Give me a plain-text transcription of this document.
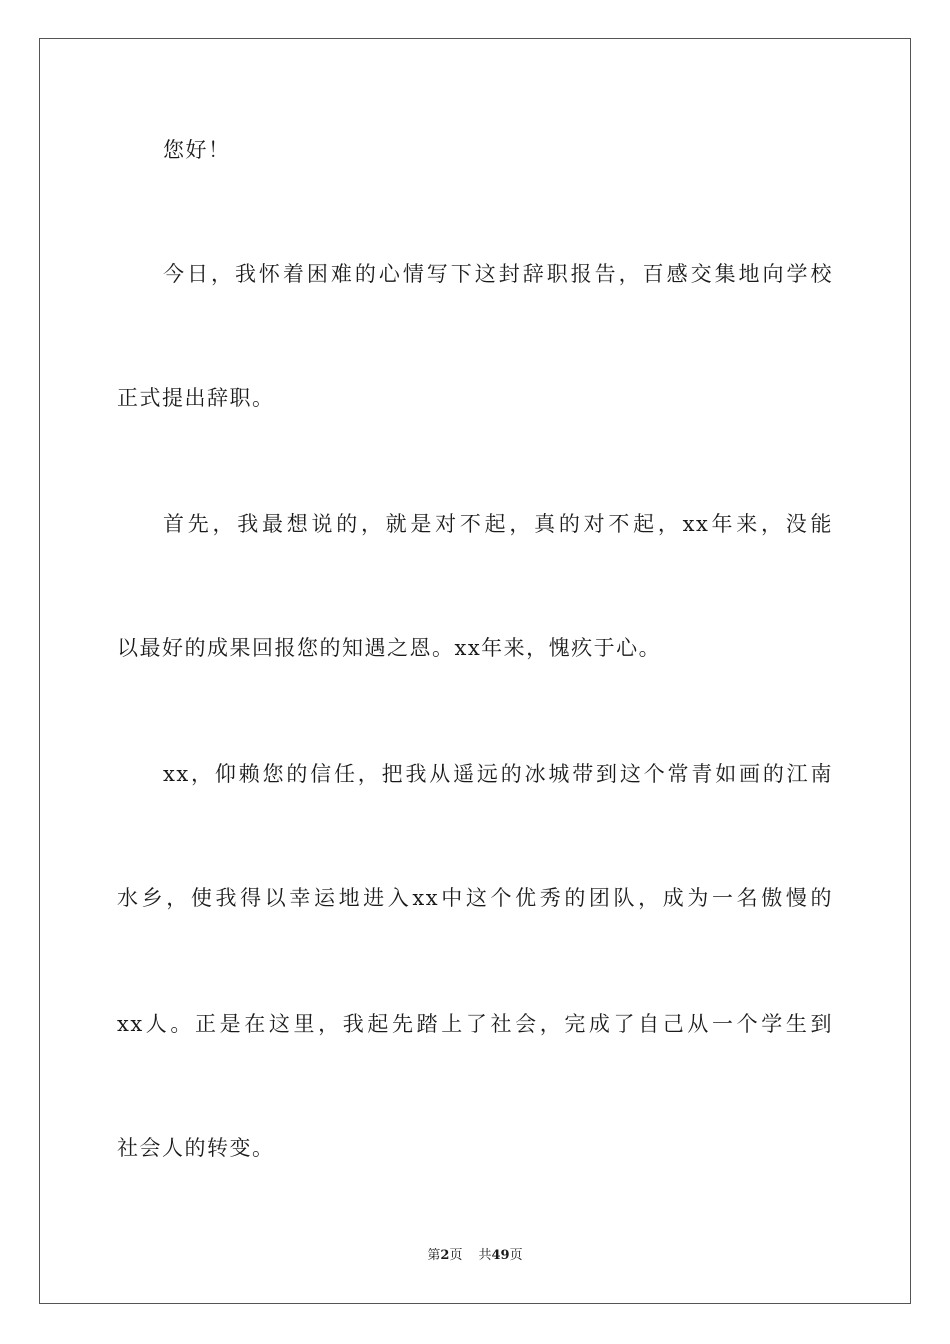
您好！
今日，我怀着困难的心情写下这封辞职报告，百感交集地向学校
正式提出辞职。
首先，我最想说的，就是对不起，真的对不起，xx年来，没能
以最好的成果回报您的知遇之恩。xx年来，愧疚于心。
xx，仰赖您的信任，把我从遥远的冰城带到这个常青如画的江南
水乡，使我得以幸运地进入xx中这个优秀的团队，成为一名傲慢的
xx人。正是在这里，我起先踏上了社会，完成了自己从一个学生到
社会人的转变。
第2页 共49页
